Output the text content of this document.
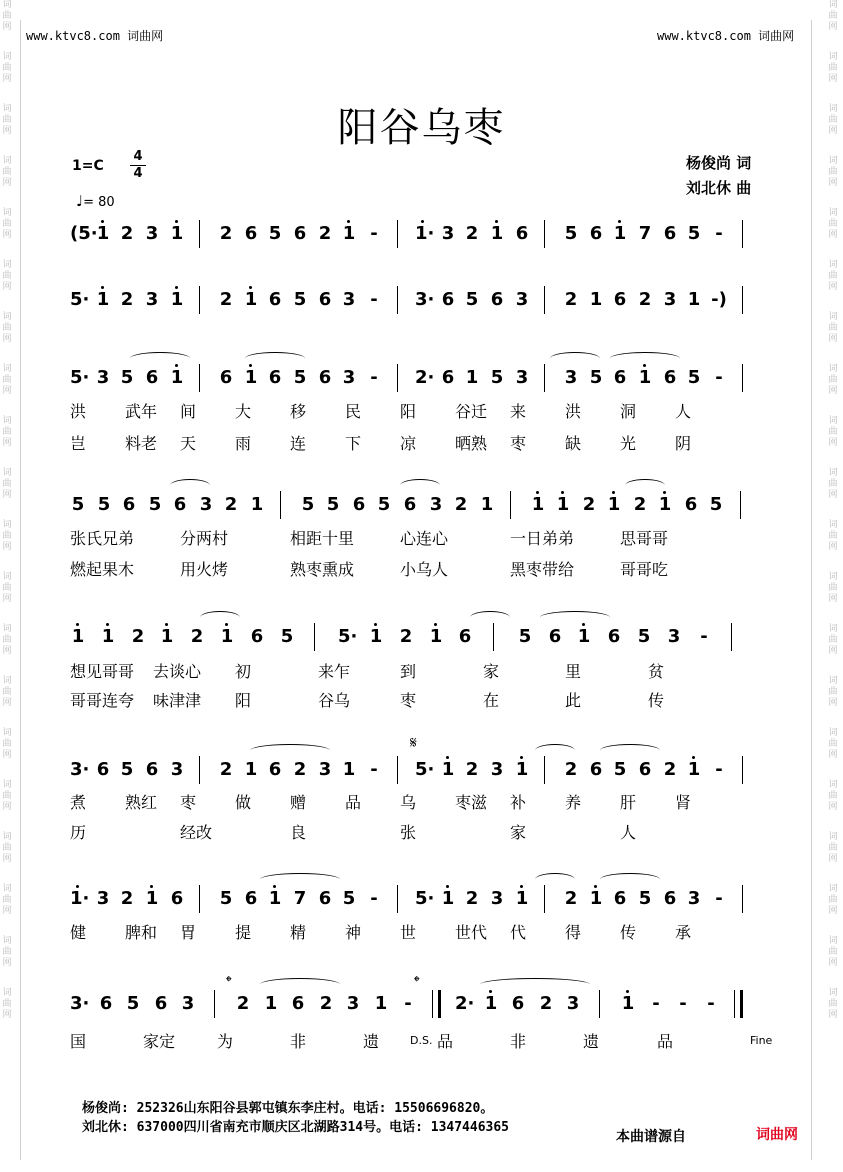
词曲网
词曲网
词曲网
词曲网
词曲网
词曲网
词曲网
词曲网
词曲网
词曲网
词曲网
词曲网
词曲网
词曲网
词曲网
词曲网
词曲网
词曲网
词曲网
词曲网
词曲网
词曲网
词曲网
词曲网
词曲网
词曲网
词曲网
词曲网
词曲网
词曲网
词曲网
词曲网
词曲网
词曲网
词曲网
词曲网
词曲网
词曲网
词曲网
词曲网
www.ktvc8.com 词曲网	www.ktvc8.com 词曲网
阳谷乌枣
1=C
4
4
♩= 80
杨俊尚 词
刘北休 曲
(5· 1 2 3 1 2 6 5 6 2 1 - 1· 3 2 1 6 5 6 1 7 6 5 -
5· 1 2 3 1 2 1 6 5 6 3 - 3· 6 5 6 3 2 1 6 2 3 1 -)
5· 3 5 6 1 6 1 6 5 6 3 - 2· 6 1 5 3 3 5 6 1 6 5 -
5 5 6 5 6 3 2 1 5 5 6 5 6 3 2 1 1 1 2 1 2 1 6 5
1 1 2 1 2 1 6 5 5· 1 2 1 6	5 6 1 6 5 3 -
3· 6 5 6 3 2 1 6 2 3 1 - 5· 1 2 3 1 2 6 5 6 2 1 -
1· 3 2 1 6 5 6 1 7 6 5 - 5· 1 2 3 1 2 1 6 5 6 3 -
3· 6 5 6 3 2 1 6 2 3 1 - 2· 1 6 2 3 1 - - -
洪 武年 间 大 移 民 阳 谷迁 来 洪 洞 人
岂 料老 天 雨 连 下 凉 晒熟 枣 缺 光 阴
张氏兄弟	分两村	相距十里	心连心	一日弟弟	思哥哥
燃起果木	用火烤	熟枣熏成	小乌人	黑枣带给	哥哥吃
想见哥哥 去谈心 初	来乍	到	家	里	贫
哥哥连夸 味津津 阳	谷乌	枣	在	此	传
煮 熟红 枣 做 赠 品 乌 枣滋 补 养 肝 肾
历	经改	良	张	家	人
健 脾和 胃 提 精 神 世 世代 代 得 传 承
国	家定	为	非	遗	品	非	遗	品
𝄋
𝄌	𝄌
D.S.	Fine
杨俊尚: 252326山东阳谷县郭屯镇东李庄村。电话: 15506696820。
刘北休: 637000四川省南充市顺庆区北湖路314号。电话: 1347446365
本曲谱源自	词曲网
